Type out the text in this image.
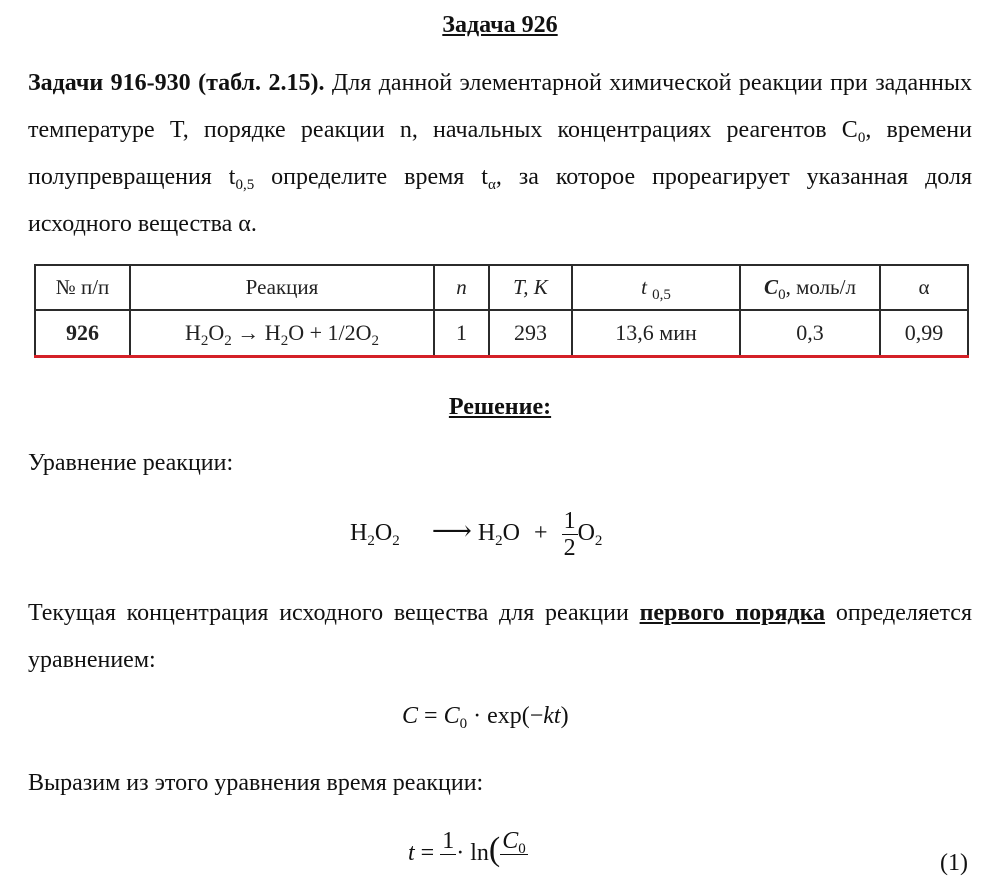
Задача 926
Задачи 916-930 (табл. 2.15). Для данной элементарной химической реакции при заданных температуре T, порядке реакции n, начальных концентрациях реагентов $C_0$, времени полупревращения $t_{0,5}$ определите время $t_\alpha$, за которое прореагирует указанная доля исходного вещества α.
№ п/п	Реакция	n	T, K	t $_{0,5}$	$C_0$, моль/л	α
926	$H_2O_2 \to H_2O + 1/2O_2$	1	293	13,6 мин	0,3	0,99
Решение:
Уравнение реакции:
$H_2O_2$ ⟶ $H_2O + \frac{1}{2} O_2$
Текущая концентрация исходного вещества для реакции первого порядка определяется уравнением:
$C = C_0 \cdot \exp(-kt)$
Выразим из этого уравнения время реакции:
t = 1
· ln( $C_0$

(1)
